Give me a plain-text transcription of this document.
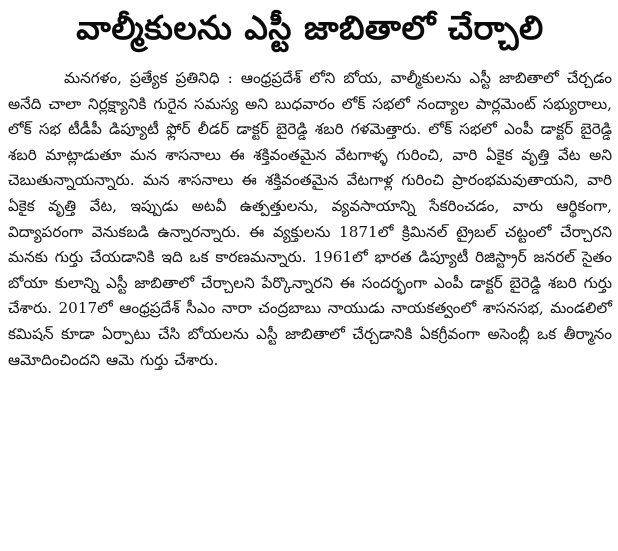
వాల్మీకులను ఎస్టీ జాబితాలో చేర్చాలి

మనగళం, ప్రత్యేక ప్రతినిధి : ఆంధ్రప్రదేశ్ లోని బోయ, వాల్మీకులను ఎస్టీ జాబితాలో చేర్చడం అనేది చాలా నిర్లక్ష్యానికి గురైన సమస్య అని బుధవారం లోక్ సభలో నంద్యాల పార్లమెంట్ సభ్యురాలు, లోక్ సభ టీడీపీ డిప్యూటీ ఫ్లోర్ లీడర్ డాక్టర్ బైరెడ్డి శబరి గళమెత్తారు. లోక్ సభలో ఎంపీ డాక్టర్ బైరెడ్డి శబరి మాట్లాడుతూ మన శాసనాలు ఈ శక్తివంతమైన వేటగాళ్ళ గురించి, వారి ఏకైక వృత్తి వేట అని చెబుతున్నాయన్నారు. మన శాసనాలు ఈ శక్తివంతమైన వేటగాళ్ల గురించి ప్రారంభమవుతాయని, వారి ఏకైక వృత్తి వేట, ఇప్పుడు అటవీ ఉత్పత్తులను, వ్యవసాయాన్ని సేకరించడం, వారు ఆర్థికంగా, విద్యాపరంగా వెనుకబడి ఉన్నారన్నారు. ఈ వ్యక్తులను 1871లో క్రిమినల్ ట్రైబల్ చట్టంలో చేర్చారని మనకు గుర్తు చేయడానికి ఇది ఒక కారణమన్నారు. 1961లో భారత డిప్యూటీ రిజిస్ట్రార్ జనరల్ సైతం బోయా కులాన్ని ఎస్టీ జాబితాలో చేర్చాలని పేర్కొన్నారని ఈ సందర్భంగా ఎంపీ డాక్టర్ బైరెడ్డి శబరి గుర్తు చేశారు. 2017లో ఆంధ్రప్రదేశ్ సీఎం నారా చంద్రబాబు నాయుడు నాయకత్వంలో శాసనసభ, మండలిలో కమిషన్ కూడా ఏర్పాటు చేసి బోయలను ఎస్టీ జాబితాలో చేర్చడానికి ఏకగ్రీవంగా అసెంబ్లీ ఒక తీర్మానం ఆమోదించిందని ఆమె గుర్తు చేశారు.
